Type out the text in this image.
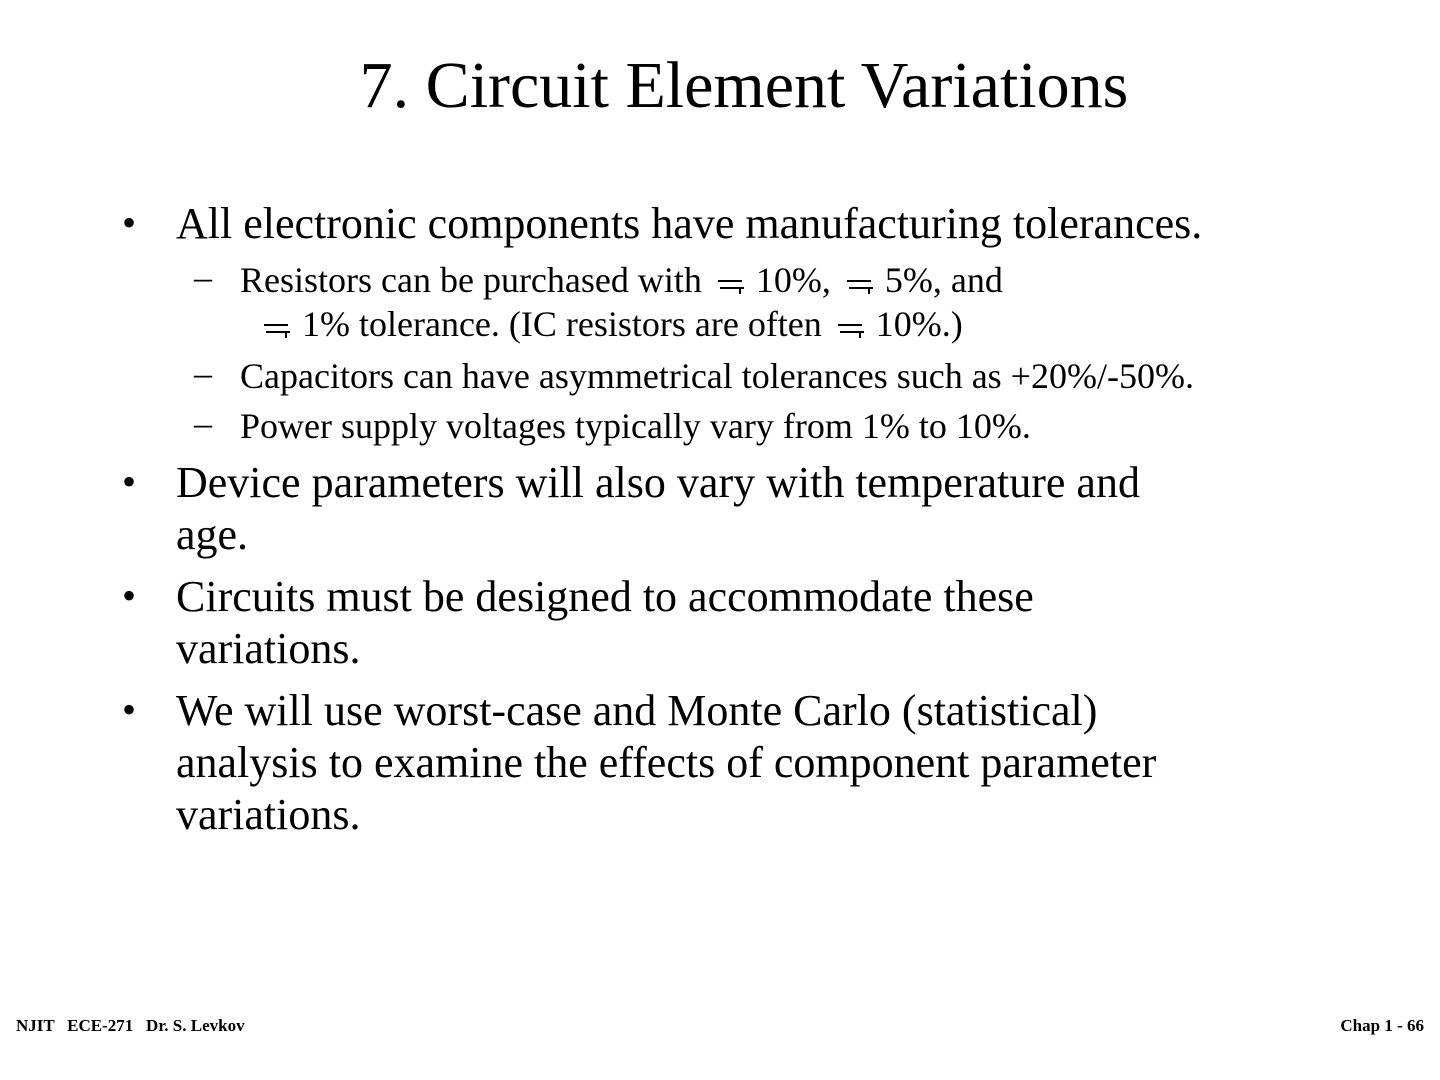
7. Circuit Element Variations
• All electronic components have manufacturing tolerances.
– Resistors can be purchased with 10%, 5%, and
1% tolerance. (IC resistors are often 10%.)
– Capacitors can have asymmetrical tolerances such as +20%/-50%.
– Power supply voltages typically vary from 1% to 10%.
• Device parameters will also vary with temperature and
age.
• Circuits must be designed to accommodate these
variations.
• We will use worst-case and Monte Carlo (statistical)
analysis to examine the effects of component parameter
variations.
NJIT   ECE-271   Dr. S. Levkov	Chap 1 - 66
